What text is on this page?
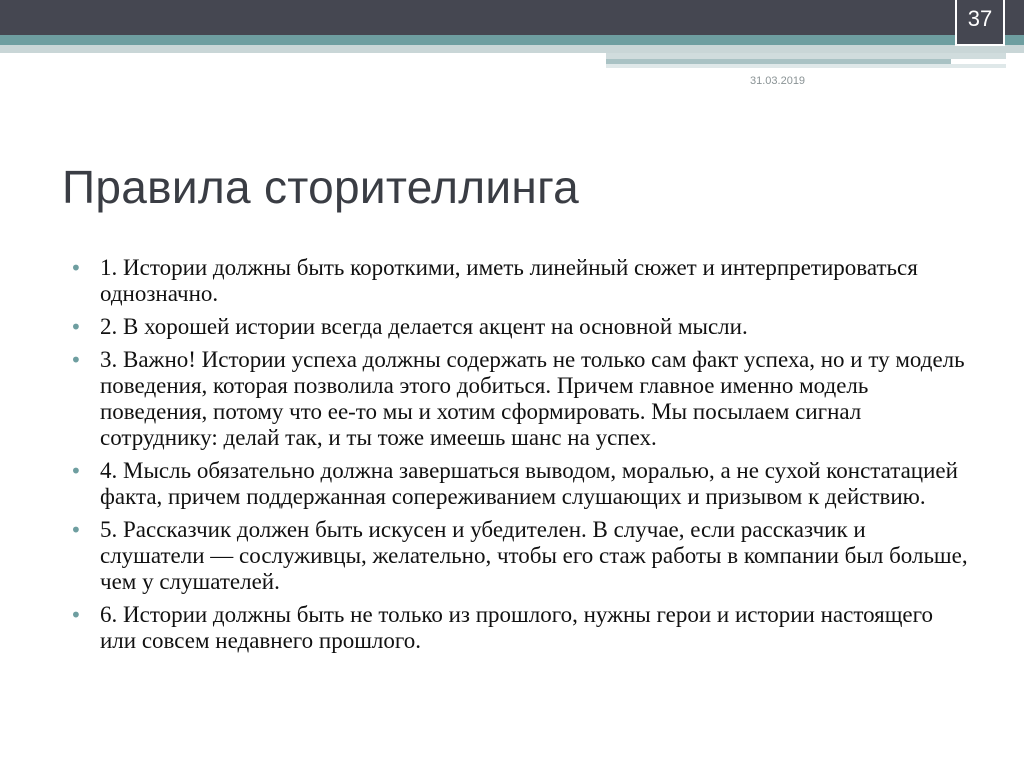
37
31.03.2019
Правила сторителлинга
• 1. Истории должны быть короткими, иметь линейный сюжет и интерпретироваться однозначно.
• 2. В хорошей истории всегда делается акцент на основной мысли.
• 3. Важно! Истории успеха должны содержать не только сам факт успеха, но и ту модель поведения, которая позволила этого добиться. Причем главное именно модель поведения, потому что ее-то мы и хотим сформировать. Мы посылаем сигнал сотруднику: делай так, и ты тоже имеешь шанс на успех.
• 4. Мысль обязательно должна завершаться выводом, моралью, а не сухой констатацией факта, причем поддержанная сопереживанием слушающих и призывом к действию.
• 5. Рассказчик должен быть искусен и убедителен. В случае, если рассказчик и слушатели — сослуживцы, желательно, чтобы его стаж работы в компании был больше, чем у слушателей.
• 6. Истории должны быть не только из прошлого, нужны герои и истории настоящего или совсем недавнего прошлого.
